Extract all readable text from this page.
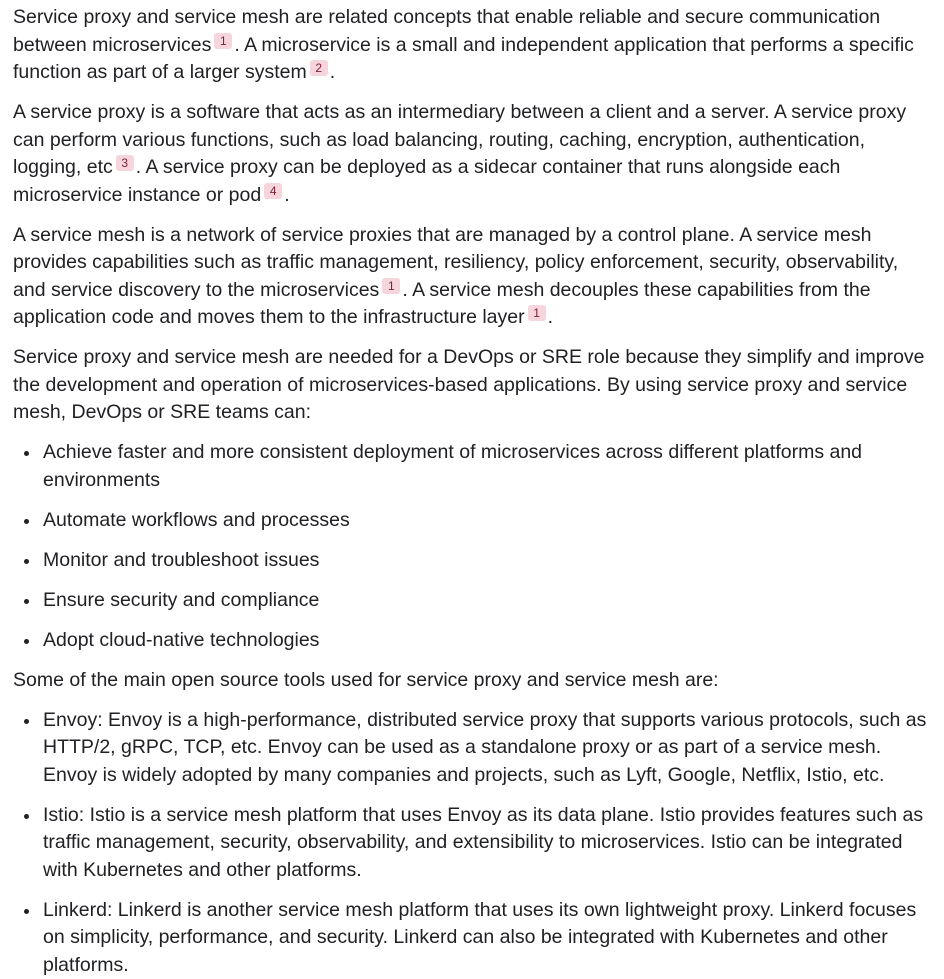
Service proxy and service mesh are related concepts that enable reliable and secure communication between microservices 1 . A microservice is a small and independent application that performs a specific function as part of a larger system 2 .

A service proxy is a software that acts as an intermediary between a client and a server. A service proxy can perform various functions, such as load balancing, routing, caching, encryption, authentication, logging, etc 3 . A service proxy can be deployed as a sidecar container that runs alongside each microservice instance or pod 4 .

A service mesh is a network of service proxies that are managed by a control plane. A service mesh provides capabilities such as traffic management, resiliency, policy enforcement, security, observability, and service discovery to the microservices 1 . A service mesh decouples these capabilities from the application code and moves them to the infrastructure layer 1 .

Service proxy and service mesh are needed for a DevOps or SRE role because they simplify and improve the development and operation of microservices-based applications. By using service proxy and service mesh, DevOps or SRE teams can:

Achieve faster and more consistent deployment of microservices across different platforms and environments
Automate workflows and processes
Monitor and troubleshoot issues
Ensure security and compliance
Adopt cloud-native technologies

Some of the main open source tools used for service proxy and service mesh are:

Envoy: Envoy is a high-performance, distributed service proxy that supports various protocols, such as HTTP/2, gRPC, TCP, etc. Envoy can be used as a standalone proxy or as part of a service mesh. Envoy is widely adopted by many companies and projects, such as Lyft, Google, Netflix, Istio, etc.
Istio: Istio is a service mesh platform that uses Envoy as its data plane. Istio provides features such as traffic management, security, observability, and extensibility to microservices. Istio can be integrated with Kubernetes and other platforms.
Linkerd: Linkerd is another service mesh platform that uses its own lightweight proxy. Linkerd focuses on simplicity, performance, and security. Linkerd can also be integrated with Kubernetes and other platforms.
